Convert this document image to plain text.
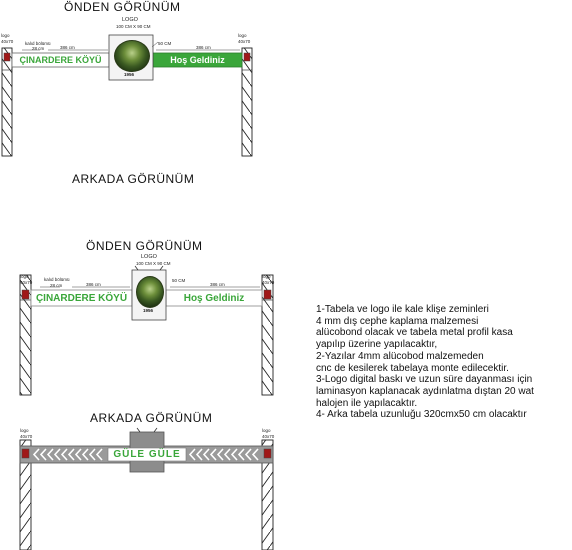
ÖNDEN GÖRÜNÜM
LOGO
100 CM X 90 CM
logo
40x70
logo
40x70
kalıd bölümü
28 cm	386 cm	386 cm
50 CM
ÇINARDERE KÖYÜ	Hoş Geldiniz
1956
ARKADA GÖRÜNÜM
ÖNDEN GÖRÜNÜM
LOGO
100 CM X 90 CM
logo
40x70
logo
40x70
kalıd bölümü
28 cm	386 cm	386 cm
50 CM
ÇINARDERE KÖYÜ	Hoş Geldiniz
1956
ARKADA GÖRÜNÜM
logo
40x70
logo
40x70
GÜLE GÜLE
1-Tabela ve logo ile kale klişe zeminleri
4 mm dış cephe kaplama malzemesi
alücobond olacak ve tabela metal profil kasa
yapılıp üzerine yapılacaktır,
2-Yazılar 4mm alücobod malzemeden
cnc de kesilerek tabelaya monte edilecektir.
3-Logo digital baskı ve uzun süre dayanması için
laminasyon kaplanacak aydınlatma dıştan 20 wat
halojen ile yapılacaktır.
4- Arka tabela uzunluğu 320cmx50 cm olacaktır
